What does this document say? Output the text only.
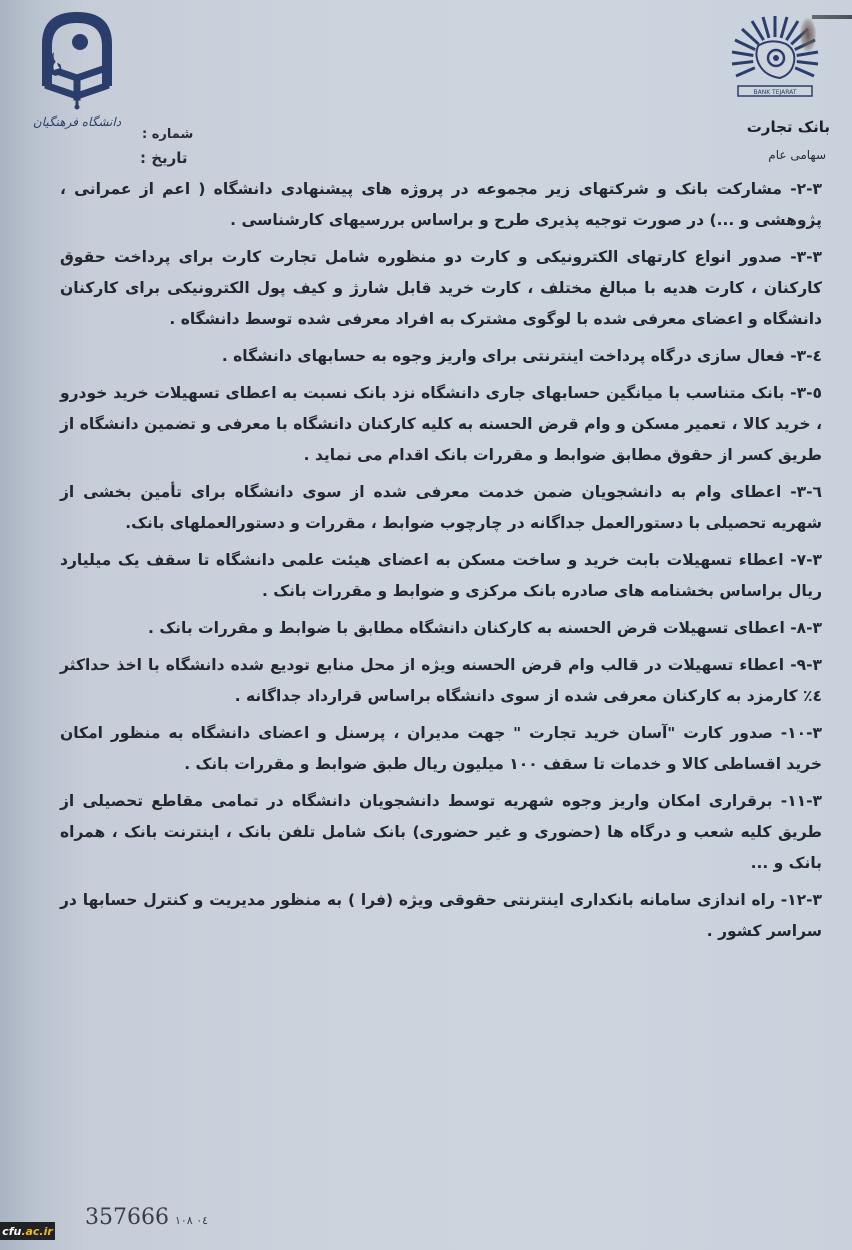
دانشگاه فرهنگیان
BANK TEJARAT
بانک تجارت
سهامی عام
شماره :
تاریخ :

۲-۳- مشارکت بانک و شرکتهای زیر مجموعه در پروژه های پیشنهادی دانشگاه ( اعم از عمرانی ، پژوهشی و ...) در صورت توجیه پذیری طرح و براساس بررسیهای کارشناسی .

۳-۳- صدور انواع کارتهای الکترونیکی و کارت دو منظوره شامل تجارت کارت برای پرداخت حقوق کارکنان ، کارت هدیه با مبالغ مختلف ، کارت خرید قابل شارژ و کیف پول الکترونیکی برای کارکنان دانشگاه و اعضای معرفی شده با لوگوی مشترک به افراد معرفی شده توسط دانشگاه .

٤-۳- فعال سازی درگاه پرداخت اینترنتی برای واریز وجوه به حسابهای دانشگاه .

٥-۳- بانک متناسب با میانگین حسابهای جاری دانشگاه نزد بانک نسبت به اعطای تسهیلات خرید خودرو ، خرید کالا ، تعمیر مسکن و وام قرض الحسنه به کلیه کارکنان دانشگاه با معرفی و تضمین دانشگاه از طریق کسر از حقوق مطابق ضوابط و مقررات بانک اقدام می نماید .

٦-۳- اعطای وام به دانشجویان ضمن خدمت معرفی شده از سوی دانشگاه برای تأمین بخشی از شهریه تحصیلی با دستورالعمل جداگانه در چارچوب ضوابط ، مقررات و دستورالعملهای بانک.

۷-۳- اعطاء تسهیلات بابت خرید و ساخت مسکن به اعضای هیئت علمی دانشگاه تا سقف یک میلیارد ریال براساس بخشنامه های صادره بانک مرکزی و ضوابط و مقررات بانک .

۸-۳- اعطای تسهیلات قرض الحسنه به کارکنان دانشگاه مطابق با ضوابط و مقررات بانک .

۹-۳- اعطاء تسهیلات در قالب وام قرض الحسنه ویژه از محل منابع تودیع شده دانشگاه با اخذ حداکثر ٤٪ کارمزد به کارکنان معرفی شده از سوی دانشگاه براساس قرارداد جداگانه .

۱۰-۳- صدور کارت "آسان خرید تجارت " جهت مدیران ، پرسنل و اعضای دانشگاه به منظور امکان خرید اقساطی کالا و خدمات تا سقف ۱۰۰ میلیون ریال طبق ضوابط و مقررات بانک .

۱۱-۳- برقراری امکان واریز وجوه شهریه توسط دانشجویان دانشگاه در تمامی مقاطع تحصیلی از طریق کلیه شعب و درگاه ها (حضوری و غیر حضوری) بانک شامل تلفن بانک ، اینترنت بانک ، همراه بانک و ...

۱۲-۳- راه اندازی سامانه بانکداری اینترنتی حقوقی ویژه (فرا ) به منظور مدیریت و کنترل حسابها در سراسر کشور .

357666 ٠٤ ١٠٨
cfu .ac.ir
